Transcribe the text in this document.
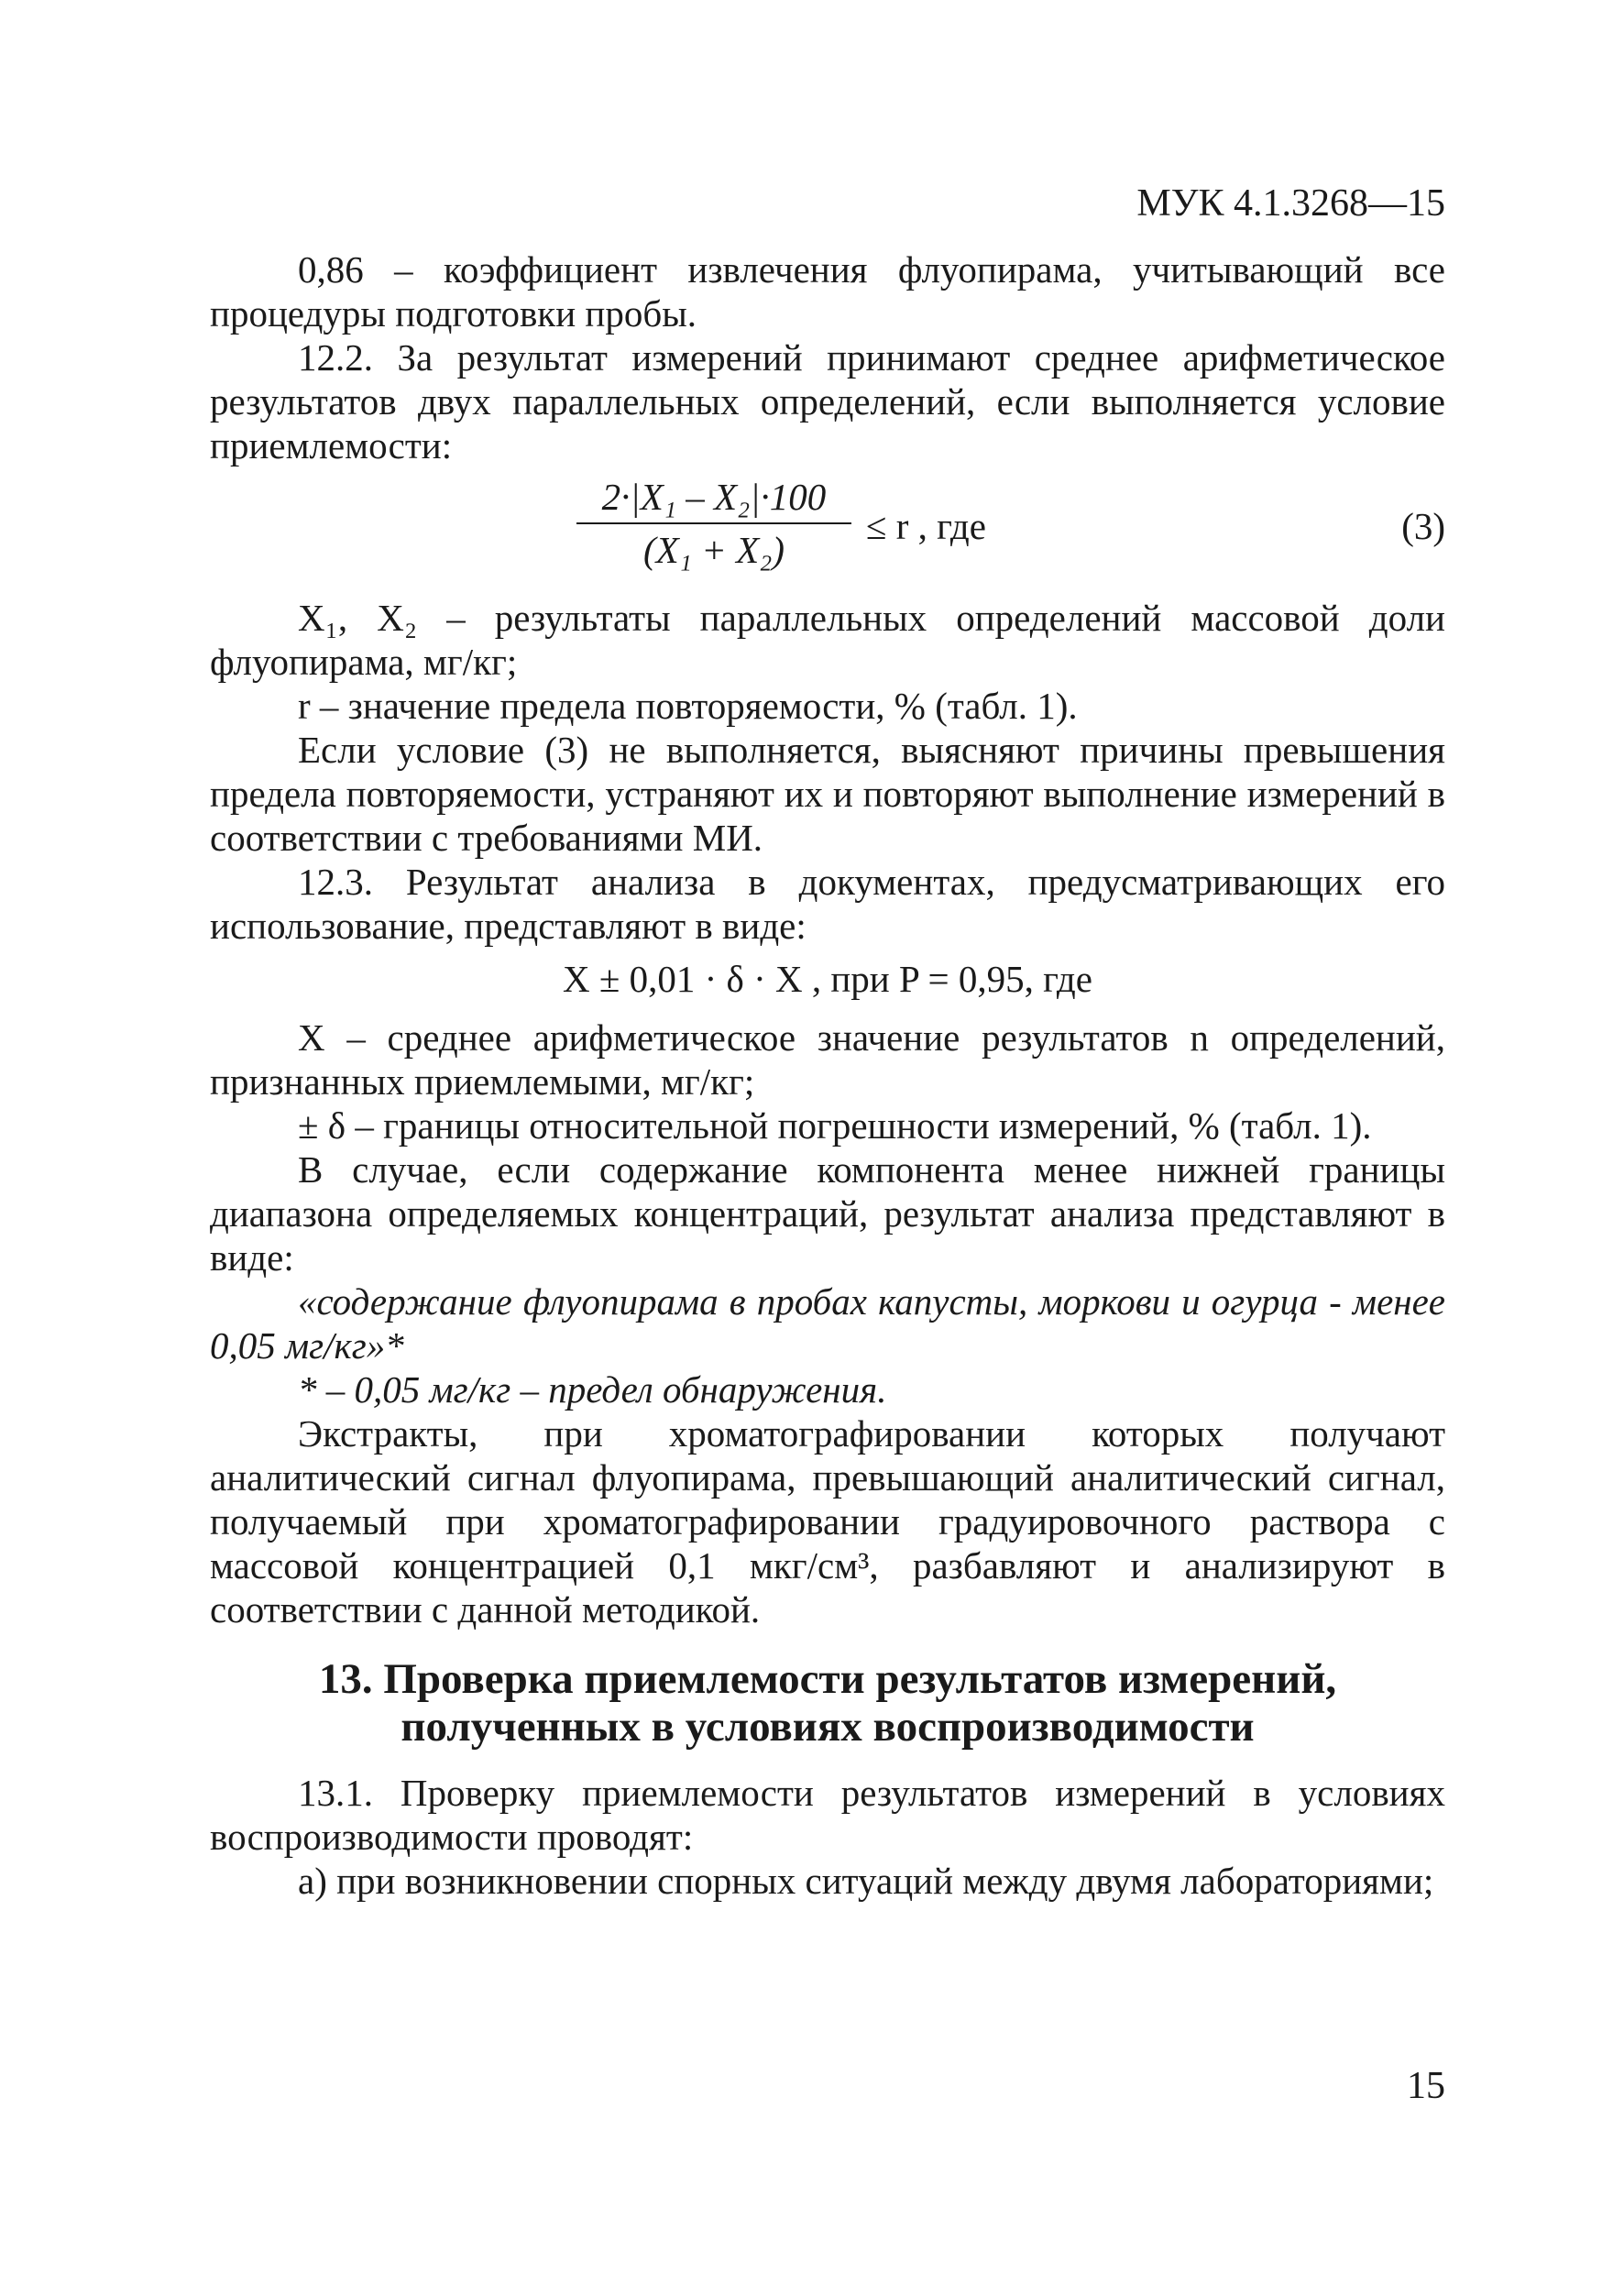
МУК 4.1.3268—15

0,86 – коэффициент извлечения флуопирама, учитывающий все процедуры подготовки пробы.

12.2. За результат измерений принимают среднее арифметическое результатов двух параллельных определений, если выполняется условие приемлемости:

$\frac{\text{2·|X₁ – X₂|·100}}{\text{(X₁ + X₂)}} \le r$ , где	(3)

X₁, X₂ – результаты параллельных определений массовой доли флуопирама, мг/кг;

r – значение предела повторяемости, % (табл. 1).

Если условие (3) не выполняется, выясняют причины превышения предела повторяемости, устраняют их и повторяют выполнение измерений в соответствии с требованиями МИ.

12.3. Результат анализа в документах, предусматривающих его использование, представляют в виде:

X ± 0,01 · δ · X , при P = 0,95, где

X – среднее арифметическое значение результатов n определений, признанных приемлемыми, мг/кг;

± δ – границы относительной погрешности измерений, % (табл. 1).

В случае, если содержание компонента менее нижней границы диапазона определяемых концентраций, результат анализа представляют в виде:

«содержание флуопирама в пробах капусты, моркови и огурца - менее 0,05 мг/кг»*

* – 0,05 мг/кг – предел обнаружения.

Экстракты, при хроматографировании которых получают аналитический сигнал флуопирама, превышающий аналитический сигнал, получаемый при хроматографировании градуировочного раствора с массовой концентрацией 0,1 мкг/см³, разбавляют и анализируют в соответствии с данной методикой.

13. Проверка приемлемости результатов измерений,
полученных в условиях воспроизводимости

13.1. Проверку приемлемости результатов измерений в условиях воспроизводимости проводят:

а) при возникновении спорных ситуаций между двумя лабораториями;

15
